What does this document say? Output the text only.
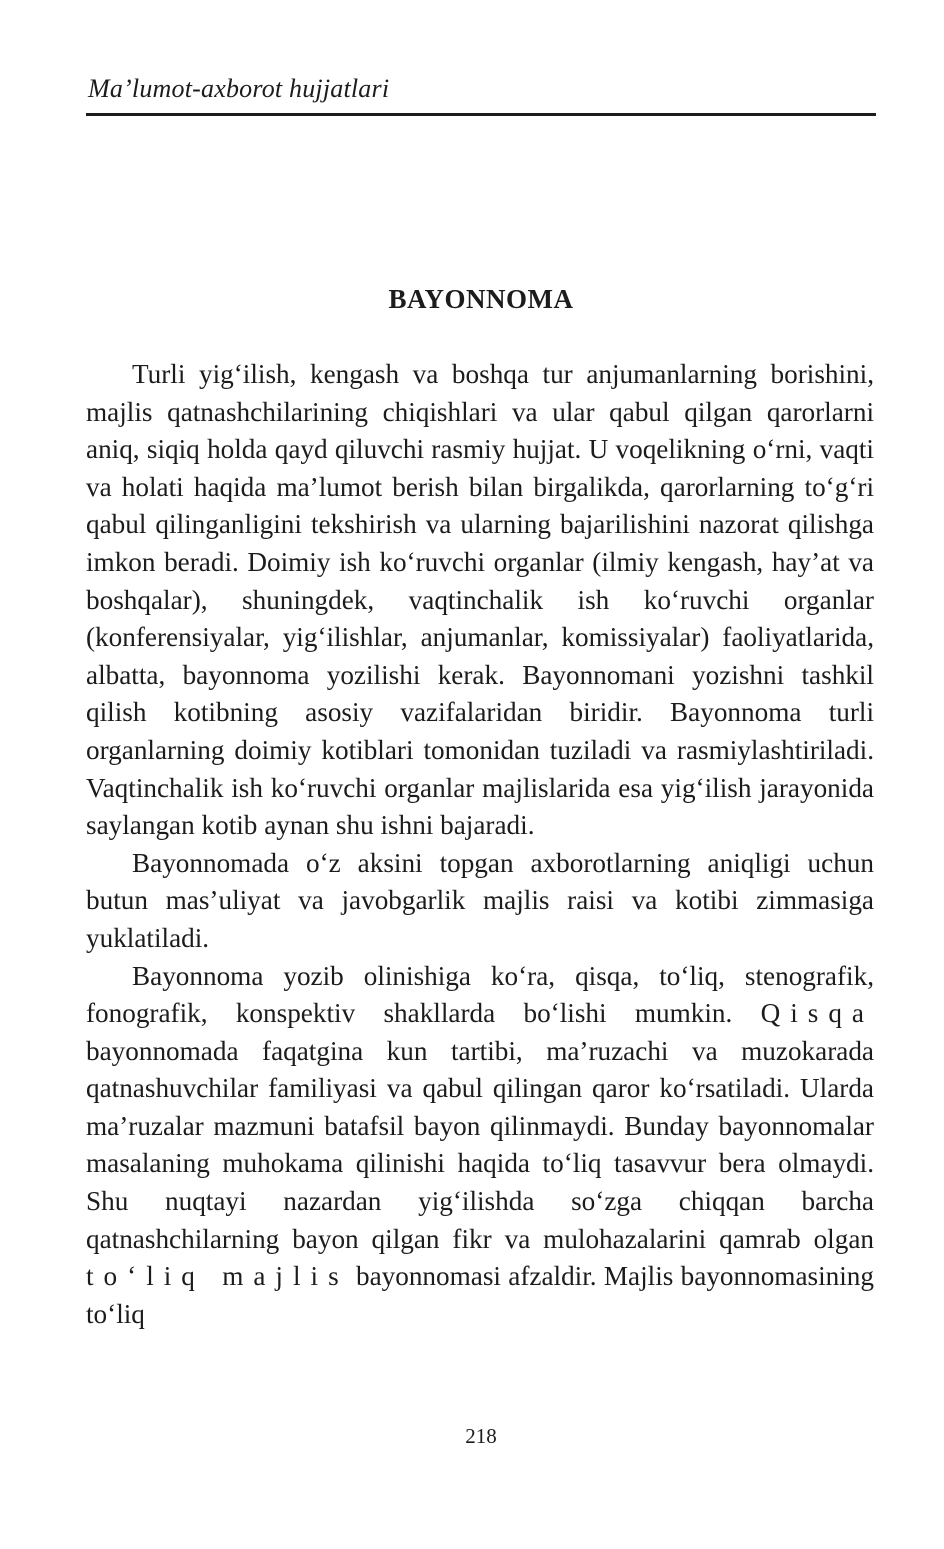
Ma’lumot-axborot hujjatlari
BAYONNOMA

Turli yig‘ilish, kengash va boshqa tur anjumanlarning borishini, majlis qatnashchilarining chiqishlari va ular qabul qilgan qarorlarni aniq, siqiq holda qayd qiluvchi rasmiy hujjat. U voqelikning o‘rni, vaqti va holati haqida ma’lumot berish bilan birgalikda, qarorlarning to‘g‘ri qabul qilinganligini tekshirish va ularning bajarilishini nazorat qilishga imkon beradi. Doimiy ish ko‘ruvchi organlar (ilmiy kengash, hay’at va boshqalar), shuningdek, vaqtinchalik ish ko‘ruvchi organlar (konferensiyalar, yig‘ilishlar, anjumanlar, komissiyalar) faoliyatlarida, albatta, bayonnoma yozilishi kerak. Bayonnomani yozishni tashkil qilish kotibning asosiy vazifalaridan biridir. Bayonnoma turli organlarning doimiy kotiblari tomonidan tuziladi va rasmiylashtiriladi. Vaqtinchalik ish ko‘ruvchi organlar majlislarida esa yig‘ilish jarayonida saylangan kotib aynan shu ishni bajaradi.

Bayonnomada o‘z aksini topgan axborotlarning aniqligi uchun butun mas’uliyat va javobgarlik majlis raisi va kotibi zimmasiga yuklatiladi.

Bayonnoma yozib olinishiga ko‘ra, qisqa, to‘liq, stenografik, fonografik, konspektiv shakllarda bo‘lishi mumkin. Qisqa bayonnomada faqatgina kun tartibi, ma’ruzachi va muzokarada qatnashuvchilar familiyasi va qabul qilingan qaror ko‘rsatiladi. Ularda ma’ruzalar mazmuni batafsil bayon qilinmaydi. Bunday bayonnomalar masalaning muhokama qilinishi haqida to‘liq tasavvur bera olmaydi. Shu nuqtayi nazardan yig‘ilishda so‘zga chiqqan barcha qatnashchilarning bayon qilgan fikr va mulohazalarini qamrab olgan to‘liq majlis bayonnomasi afzaldir. Majlis bayonnomasining to‘liq

218
